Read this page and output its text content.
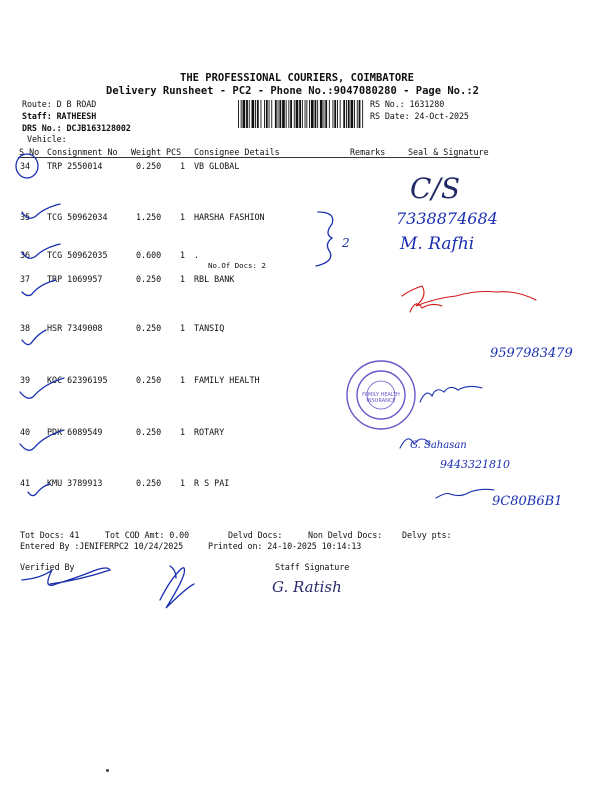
THE PROFESSIONAL COURIERS, COIMBATORE
Delivery Runsheet - PC2 - Phone No.:9047080280 - Page No.:2
Route: D B ROAD
Staff: RATHEESH
DRS No.: DCJB163128002
Vehicle:
RS No.: 1631280
RS Date: 24-Oct-2025
S No Consignment No Weight PCS Consignee Details	Remarks	Seal & Signature
34 TRP 2550014	0.250 1 VB GLOBAL
35 TCG 50962034	1.250 1 HARSHA FASHION
36 TCG 50962035	0.600 1 .
No.Of Docs: 2
37 TRP 1069957	0.250 1 RBL BANK
38 HSR 7349008	0.250 1 TANSIQ
39 KOC 62396195	0.250 1 FAMILY HEALTH
40 PDK 6089549	0.250 1 ROTARY
41 KMU 3789913	0.250 1 R S PAI
Tot Docs: 41	Tot COD Amt: 0.00	Delvd Docs:	Non Delvd Docs: Delvy pts:
Entered By :JENIFERPC2 10/24/2025	Printed on: 24-10-2025 10:14:13
Verified By	Staff Signature
C/S
7338874684
M. Rafhi
2
9597983479
G. Sahasan
9443321810
9C80B6B1
G. Ratish
FAMILY HEALTH INSURANCE
